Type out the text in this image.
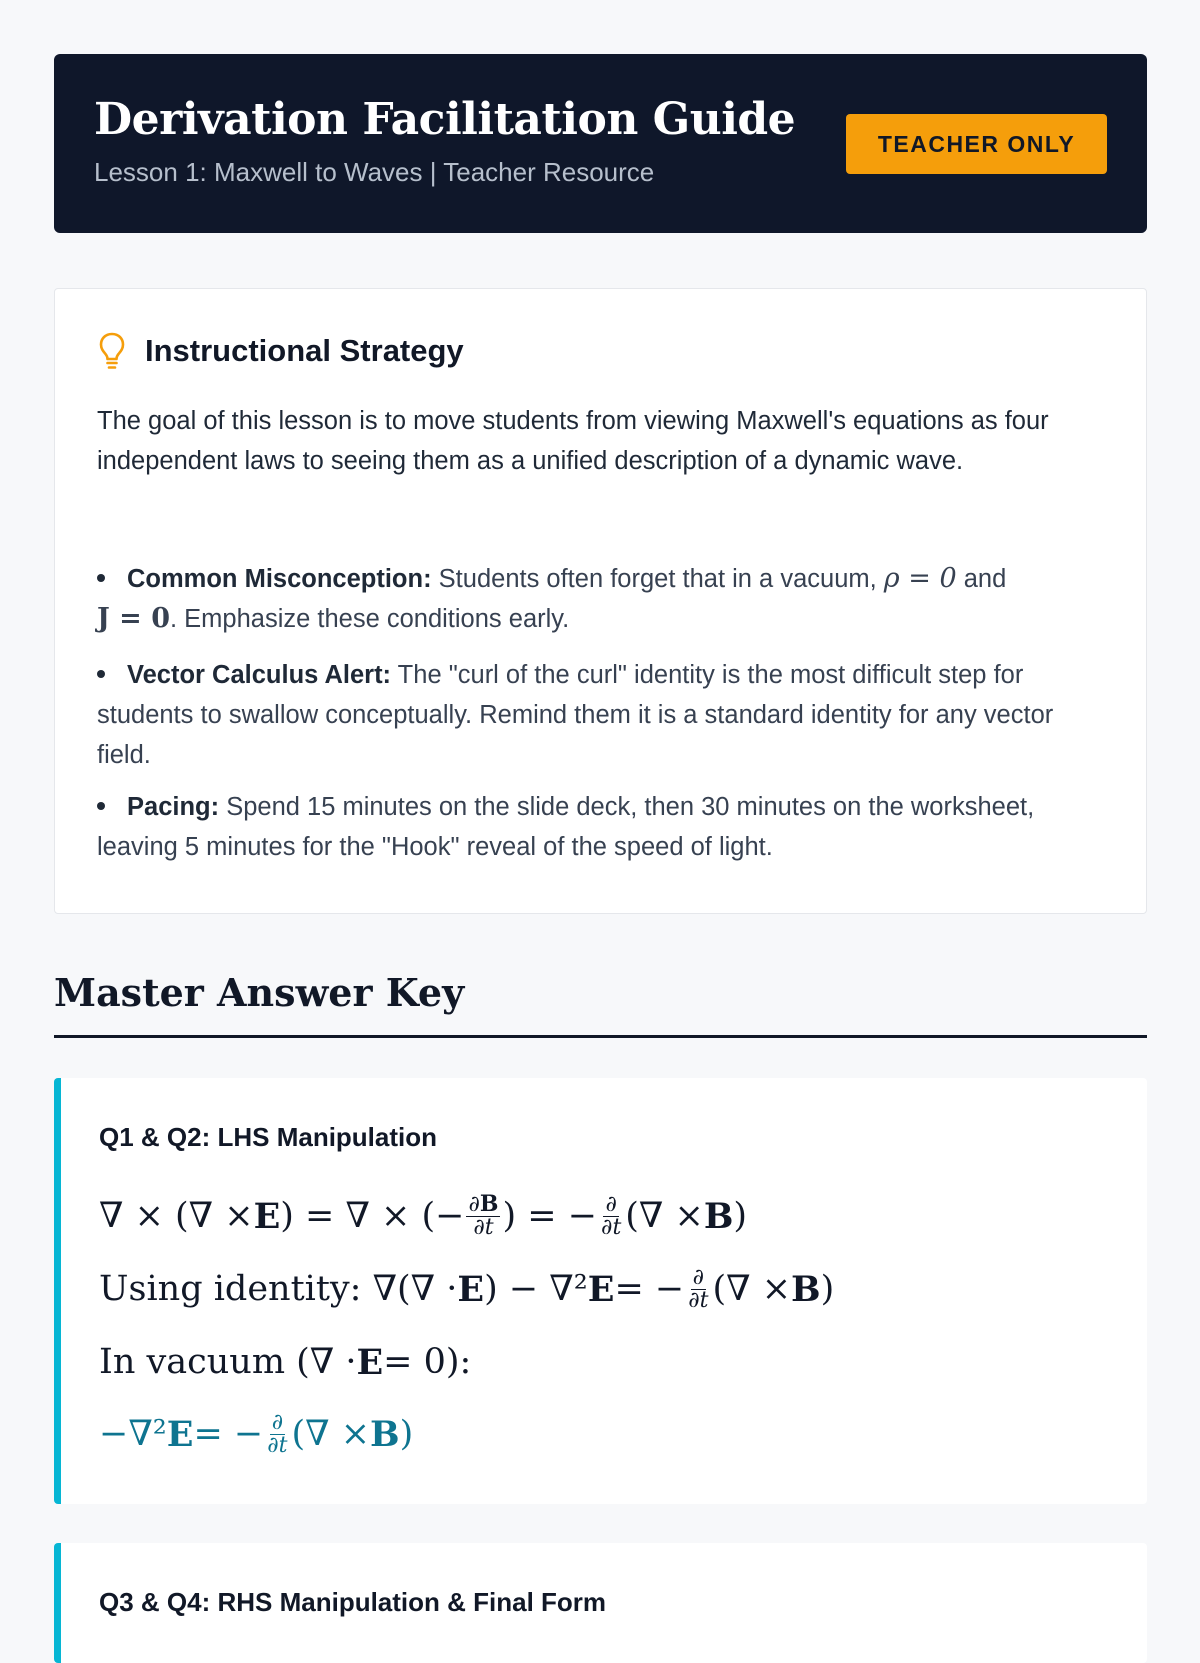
Derivation Facilitation Guide
Lesson 1: Maxwell to Waves | Teacher Resource
TEACHER ONLY
Instructional Strategy

The goal of this lesson is to move students from viewing Maxwell's equations as four independent laws to seeing them as a unified description of a dynamic wave.

Common Misconception: Students often forget that in a vacuum, ρ = 0 and
J = 0. Emphasize these conditions early.
Vector Calculus Alert: The "curl of the curl" identity is the most difficult step for students to swallow conceptually. Remind them it is a standard identity for any vector field.
Pacing: Spend 15 minutes on the slide deck, then 30 minutes on the worksheet, leaving 5 minutes for the "Hook" reveal of the speed of light.
Master Answer Key
Q1 & Q2: LHS Manipulation
∇ × (∇ × E ) = ∇ × (− $\frac{\partial B}{\partial t}$ ) = − $\frac{\partial}{\partial t}$ (∇ × B )
Using identity: ∇(∇ · E ) − ∇² E = − $\frac{\partial}{\partial t}$ (∇ × B )
In vacuum (∇ · E = 0):
−∇² E = − $\frac{\partial}{\partial t}$ (∇ × B )
Q3 & Q4: RHS Manipulation & Final Form
